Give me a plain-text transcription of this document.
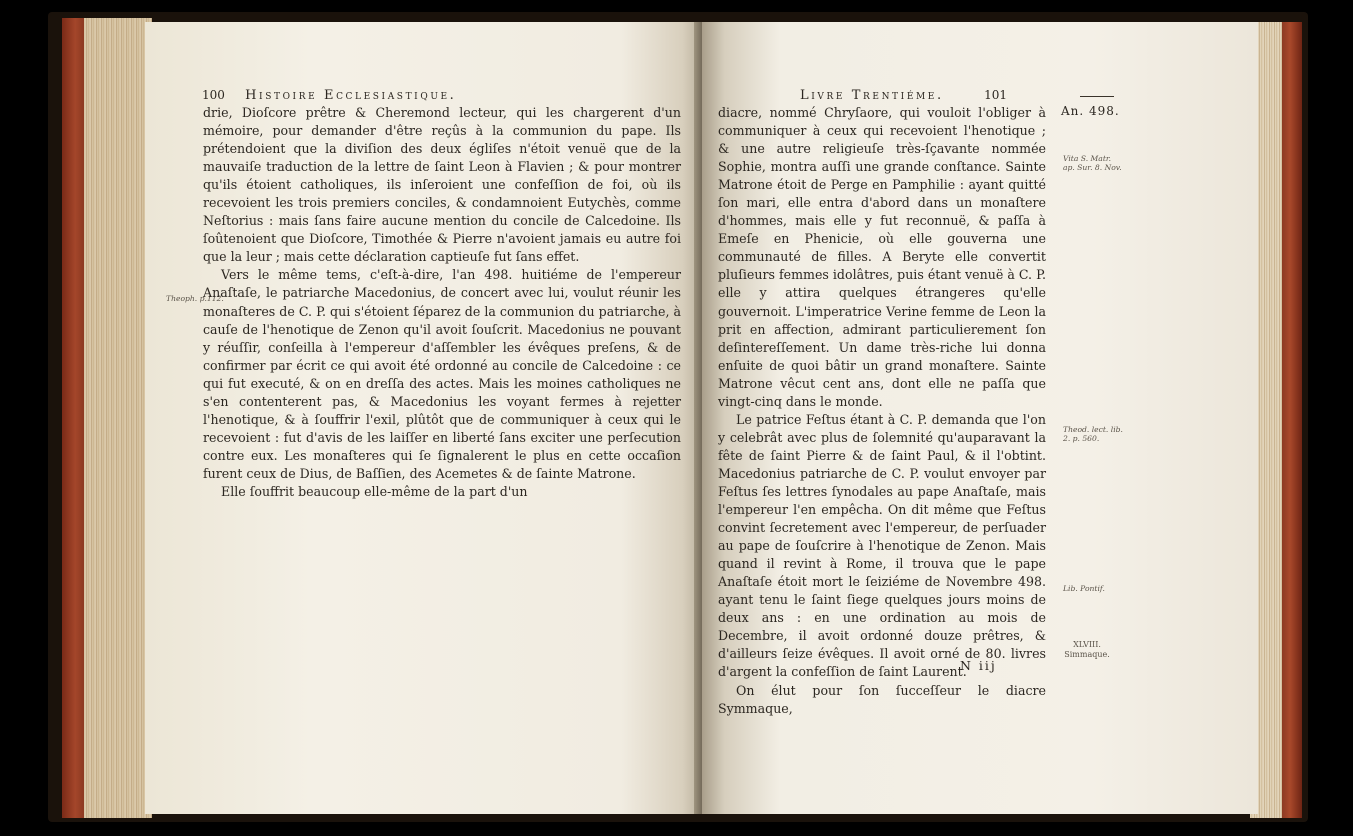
100 Histoire Ecclesiastique.
Theoph. p.112.

drie, Dioſcore prêtre & Cheremond lecteur, qui les chargerent d'un mémoire, pour demander d'être reçûs à la communion du pape. Ils prétendoient que la diviſion des deux égliſes n'étoit venuë que de la mauvaiſe traduction de la lettre de ſaint Leon à Flavien ; & pour montrer qu'ils étoient catholiques, ils inſeroient une confeſſion de foi, où ils recevoient les trois premiers conciles, & condamnoient Eutychès, comme Neſtorius : mais ſans faire aucune mention du concile de Calcedoine. Ils ſoûtenoient que Dioſcore, Timothée & Pierre n'avoient jamais eu autre foi que la leur ; mais cette déclaration captieuſe fut ſans effet.

Vers le même tems, c'eſt-à-dire, l'an 498. huitiéme de l'empereur Anaſtaſe, le patriarche Macedonius, de concert avec lui, voulut réunir les monaſteres de C. P. qui s'étoient ſéparez de la communion du patriarche, à cauſe de l'henotique de Zenon qu'il avoit ſouſcrit. Macedonius ne pouvant y réuſſir, conſeilla à l'empereur d'aſſembler les évêques preſens, & de confirmer par écrit ce qui avoit été ordonné au concile de Calcedoine : ce qui fut executé, & on en dreſſa des actes. Mais les moines catholiques ne s'en contenterent pas, & Macedonius les voyant fermes à rejetter l'henotique, & à ſouffrir l'exil, plûtôt que de communiquer à ceux qui le recevoient : fut d'avis de les laiſſer en liberté ſans exciter une perſecution contre eux. Les monaſteres qui ſe ſignalerent le plus en cette occaſion furent ceux de Dius, de Baſſien, des Acemetes & de ſainte Matrone.

Elle ſouffrit beaucoup elle-même de la part d'un

Livre Trentiéme.	101
An. 498.

diacre, nommé Chryſaore, qui vouloit l'obliger à communiquer à ceux qui recevoient l'henotique ; & une autre religieuſe très-ſçavante nommée Sophie, montra auſſi une grande conſtance. Sainte Matrone étoit de Perge en Pamphilie : ayant quitté ſon mari, elle entra d'abord dans un monaſtere d'hommes, mais elle y fut reconnuë, & paſſa à Emeſe en Phenicie, où elle gouverna une communauté de filles. A Beryte elle convertit pluſieurs femmes idolâtres, puis étant venuë à C. P. elle y attira quelques étrangeres qu'elle gouvernoit. L'imperatrice Verine femme de Leon la prit en affection, admirant particulierement ſon deſintereſſement. Un dame très-riche lui donna enſuite de quoi bâtir un grand monaſtere. Sainte Matrone vêcut cent ans, dont elle ne paſſa que vingt-cinq dans le monde.

Le patrice Feſtus étant à C. P. demanda que l'on y celebrât avec plus de ſolemnité qu'auparavant la fête de ſaint Pierre & de ſaint Paul, & il l'obtint. Macedonius patriarche de C. P. voulut envoyer par Feſtus ſes lettres ſynodales au pape Anaſtaſe, mais l'empereur l'en empêcha. On dit même que Feſtus convint ſecretement avec l'empereur, de perſuader au pape de ſouſcrire à l'henotique de Zenon. Mais quand il revint à Rome, il trouva que le pape Anaſtaſe étoit mort le ſeiziéme de Novembre 498. ayant tenu le ſaint ſiege quelques jours moins de deux ans : en une ordination au mois de Decembre, il avoit ordonné douze prêtres, & d'ailleurs ſeize évêques. Il avoit orné de 80. livres d'argent la confeſſion de ſaint Laurent.

On élut pour ſon ſucceſſeur le diacre Symmaque,

Vita S. Matr. ap. Sur. 8. Nov.
Theod. lect. lib. 2. p. 560.
Lib. Pontif.
XLVIII. Simmaque.
N iij
